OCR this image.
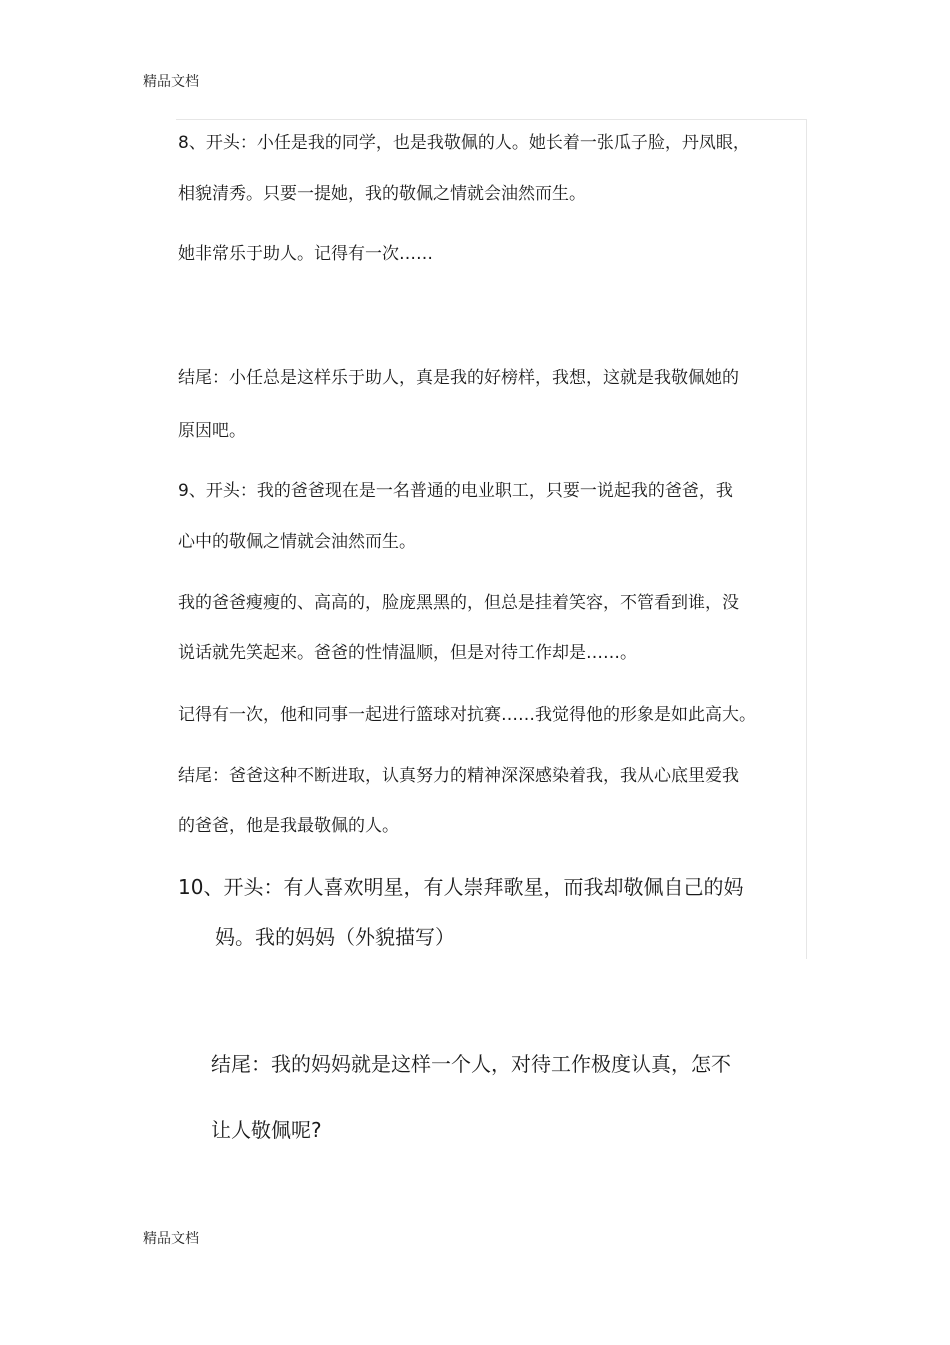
精品文档
8、开头：小任是我的同学，也是我敬佩的人。她长着一张瓜子脸，丹凤眼，
相貌清秀。只要一提她，我的敬佩之情就会油然而生。
她非常乐于助人。记得有一次……
结尾：小任总是这样乐于助人，真是我的好榜样，我想，这就是我敬佩她的
原因吧。
9、开头：我的爸爸现在是一名普通的电业职工，只要一说起我的爸爸，我
心中的敬佩之情就会油然而生。
我的爸爸瘦瘦的、高高的，脸庞黑黑的，但总是挂着笑容，不管看到谁，没
说话就先笑起来。爸爸的性情温顺，但是对待工作却是……。
记得有一次，他和同事一起进行篮球对抗赛……我觉得他的形象是如此高大。
结尾：爸爸这种不断进取，认真努力的精神深深感染着我，我从心底里爱我
的爸爸，他是我最敬佩的人。
10、开头：有人喜欢明星，有人崇拜歌星，而我却敬佩自己的妈
妈。我的妈妈（外貌描写）
结尾：我的妈妈就是这样一个人，对待工作极度认真，怎不
让人敬佩呢?
精品文档
